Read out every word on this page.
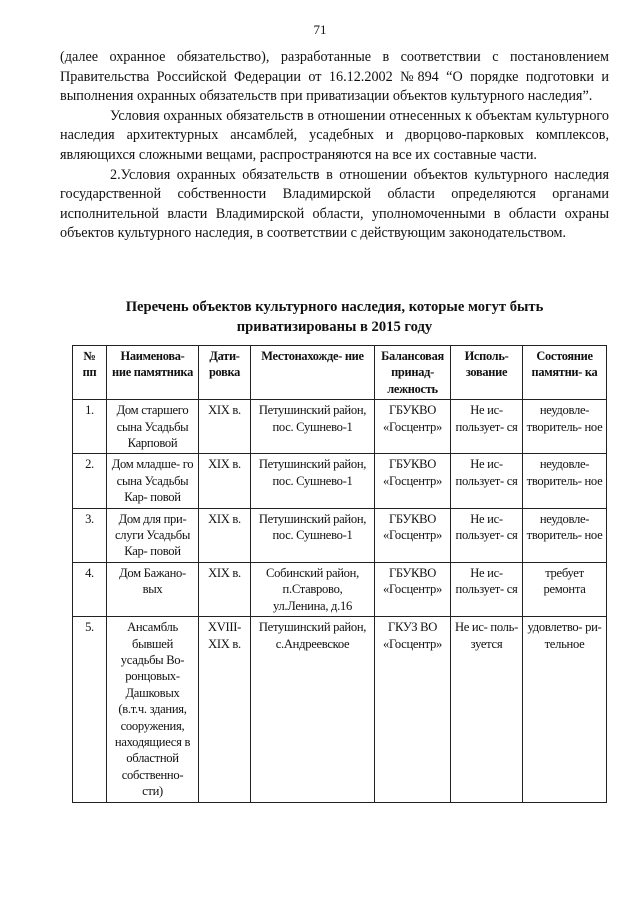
71

(далее охранное обязательство), разработанные в соответствии с постановлением Правительства Российской Федерации от 16.12.2002 №894 “О порядке подготовки и выполнения охранных обязательств при приватизации объектов культурного наследия”.

Условия охранных обязательств в отношении отнесенных к объектам культурного наследия архитектурных ансамблей, усадебных и дворцово-парковых комплексов, являющихся сложными вещами, распространяются на все их составные части.

2.Условия охранных обязательств в отношении объектов культурного наследия государственной собственности Владимирской области определяются органами исполнительной власти Владимирской области, уполномоченными в области охраны объектов культурного наследия, в соответствии с действующим законодательством.

Перечень объектов культурного наследия, которые могут быть
приватизированы в 2015 году
№ пп	Наименова- ние памятника	Дати- ровка	Местонахожде- ние	Балансовая принад- лежность	Исполь- зование	Состояние памятни- ка
1.	Дом старшего сына Усадьбы Карповой	XIX в.	Петушинский район, пос. Сушнево-1	ГБУКВО «Госцентр»	Не ис- пользует- ся	неудовле- творитель- ное
2.	Дом младше- го сына Усадьбы Кар- повой	XIX в.	Петушинский район, пос. Сушнево-1	ГБУКВО «Госцентр»	Не ис- пользует- ся	неудовле- творитель- ное
3.	Дом для при- слуги Усадьбы Кар- повой	XIX в.	Петушинский район, пос. Сушнево-1	ГБУКВО «Госцентр»	Не ис- пользует- ся	неудовле- творитель- ное
4.	Дом Бажано- вых	XIX в.	Собинский район, п.Ставрово, ул.Ленина, д.16	ГБУКВО «Госцентр»	Не ис- пользует- ся	требует ремонта
5.	Ансамбль бывшей усадьбы Во- ронцовых- Дашковых (в.т.ч. здания, сооружения, находящиеся в областной собственно- сти)	XVIII- XIX в.	Петушинский район, с.Андреевское	ГКУЗ ВО «Госцентр»	Не ис- поль- зуется	удовлетво- ри- тельное
